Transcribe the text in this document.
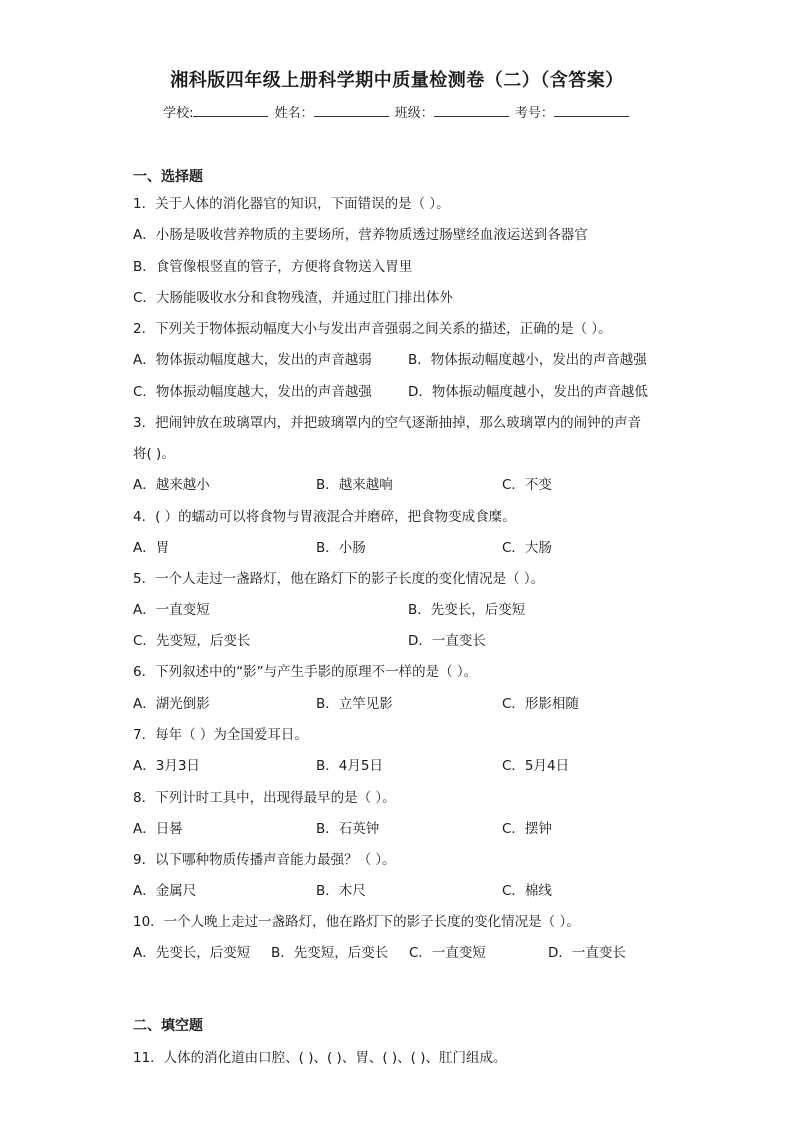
湘科版四年级上册科学期中质量检测卷（二）（含答案）
学校:	姓名：	班级：	考号：
一、选择题
1．关于人体的消化器官的知识，下面错误的是（ ）。
A．小肠是吸收营养物质的主要场所，营养物质透过肠壁经血液运送到各器官
B．食管像根竖直的管子，方便将食物送入胃里
C．大肠能吸收水分和食物残渣，并通过肛门排出体外
2．下列关于物体振动幅度大小与发出声音强弱之间关系的描述，正确的是（ ）。
A．物体振动幅度越大，发出的声音越弱	B．物体振动幅度越小，发出的声音越强
C．物体振动幅度越大，发出的声音越强	D．物体振动幅度越小，发出的声音越低
3．把闹钟放在玻璃罩内，并把玻璃罩内的空气逐渐抽掉，那么玻璃罩内的闹钟的声音
将( )。
A．越来越小	B．越来越响	C．不变
4．( ）的蠕动可以将食物与胃液混合并磨碎，把食物变成食糜。
A．胃	B．小肠	C．大肠
5．一个人走过一盏路灯，他在路灯下的影子长度的变化情况是（ ）。
A．一直变短	B．先变长，后变短
C．先变短，后变长	D．一直变长
6．下列叙述中的“影”与产生手影的原理不一样的是（ ）。
A．湖光倒影	B．立竿见影	C．形影相随
7．每年（ ）为全国爱耳日。
A．3月3日	B．4月5日	C．5月4日
8．下列计时工具中，出现得最早的是（ ）。
A．日晷	B．石英钟	C．摆钟
9．以下哪种物质传播声音能力最强？（ ）。
A．金属尺	B．木尺	C．棉线
10．一个人晚上走过一盏路灯，他在路灯下的影子长度的变化情况是（ ）。
A．先变长，后变短 B．先变短，后变长 C．一直变短	D．一直变长
二、填空题
11．人体的消化道由口腔、( )、( )、胃、( )、( )、肛门组成。
